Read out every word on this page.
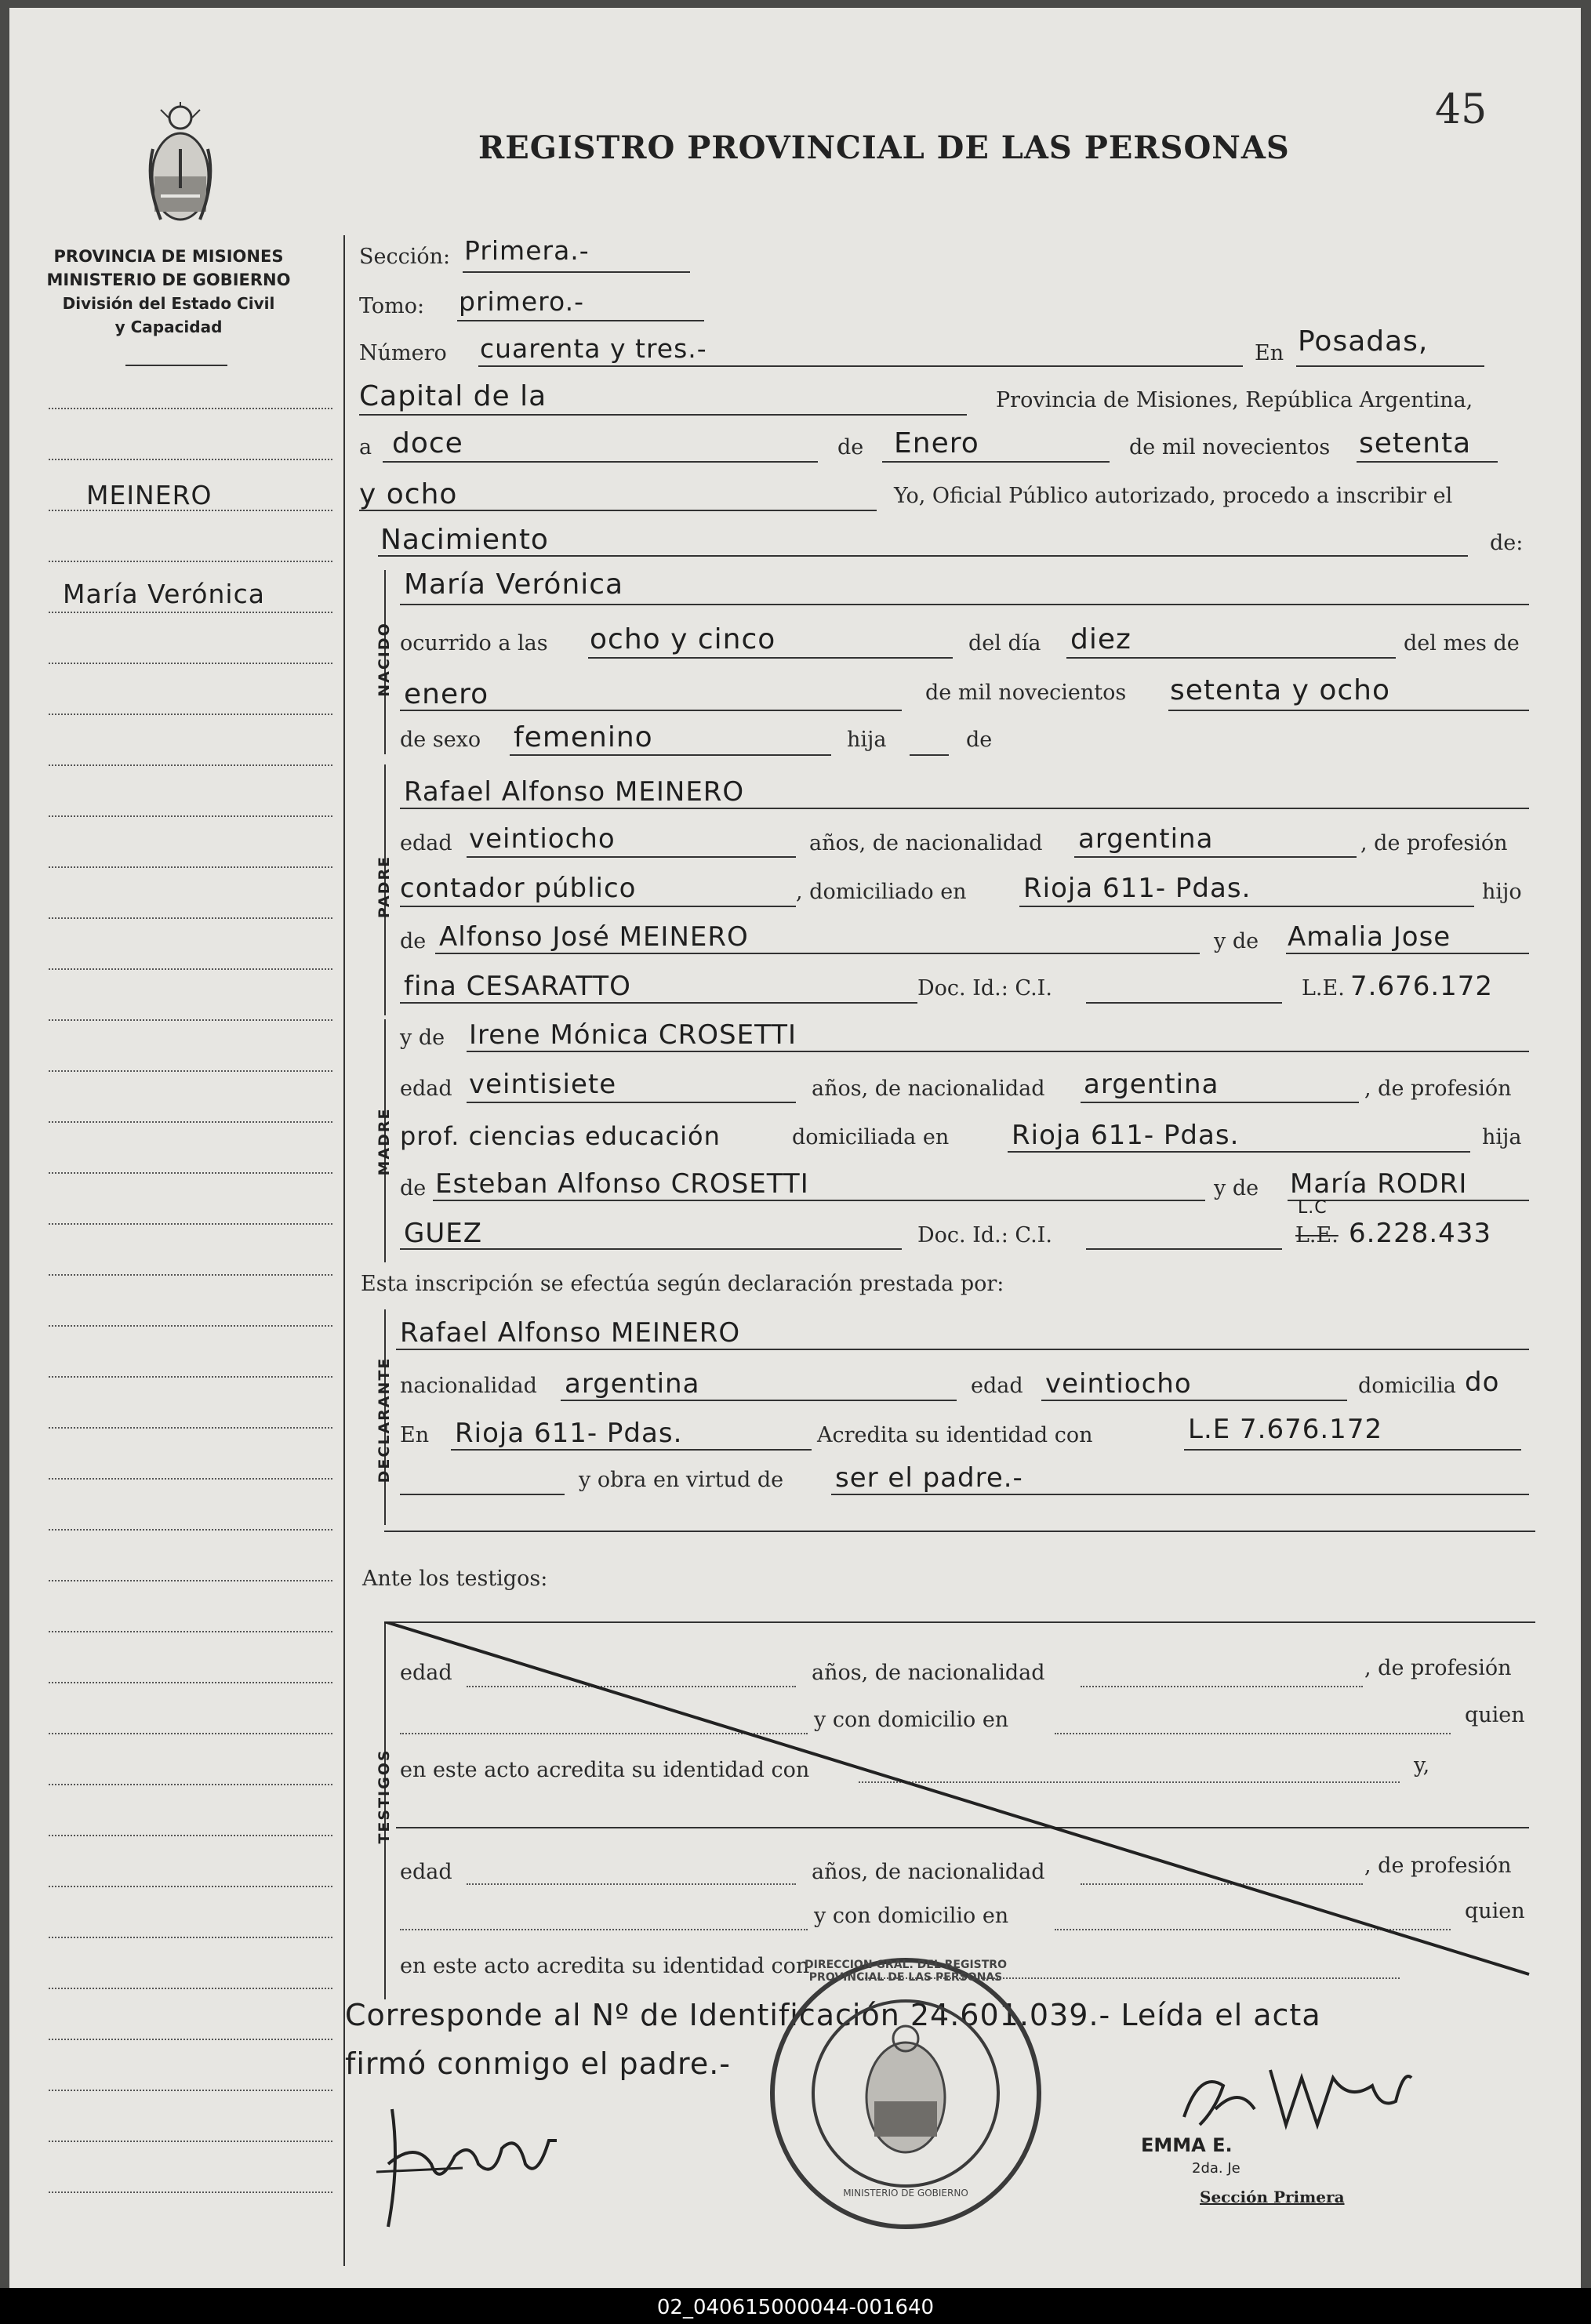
45
REGISTRO PROVINCIAL DE LAS PERSONAS
PROVINCIA DE MISIONES
MINISTERIO DE GOBIERNO
División del Estado Civil
y Capacidad
MEINERO
María Verónica
Sección: Primera.-
Tomo: primero.-
Número cuarenta y tres.-	En Posadas,
Capital de la	Provincia de Misiones, República Argentina,
a doce	de Enero	de mil novecientos setenta
y ocho	Yo, Oficial Público autorizado, procedo a inscribir el
Nacimiento	de:
NACIDO
María Verónica
ocurrido a las ocho y cinco	del día diez	del mes de
enero	de mil novecientos setenta y ocho
de sexo femenino	hija	de
PADRE
Rafael Alfonso MEINERO
edad veintiocho	años, de nacionalidad argentina	, de profesión
contador público	, domiciliado en Rioja 611- Pdas.	hijo
de Alfonso José MEINERO	y de Amalia Jose
fina CESARATTO	Doc. Id.: C.I.	L.E. 7.676.172
MADRE
y de Irene Mónica CROSETTI
edad veintisiete	años, de nacionalidad argentina	, de profesión
prof. ciencias educación	domiciliada en Rioja 611- Pdas.	hija
de Esteban Alfonso CROSETTI	y de María RODRI
GUEZ	Doc. Id.: C.I.
L.C
L.E. 6.228.433
Esta inscripción se efectúa según declaración prestada por:
DECLARANTE
Rafael Alfonso MEINERO
nacionalidad argentina	edad veintiocho	domicilia do
En Rioja 611- Pdas.	Acredita su identidad con	L.E 7.676.172
y obra en virtud de ser el padre.-
Ante los testigos:
TESTIGOS
edad	años, de nacionalidad	, de profesión
y con domicilio en	quien
en este acto acredita su identidad con	y,
edad	años, de nacionalidad	, de profesión
y con domicilio en	quien
en este acto acredita su identidad con
Corresponde al Nº de Identificación 24.601.039.- Leída el acta
firmó conmigo el padre.-
DIRECCION GRAL. DEL REGISTRO PROVINCIAL DE LAS PERSONAS
MINISTERIO DE GOBIERNO
EMMA E.
2da. Je
Sección Primera
02_040615000044-001640
